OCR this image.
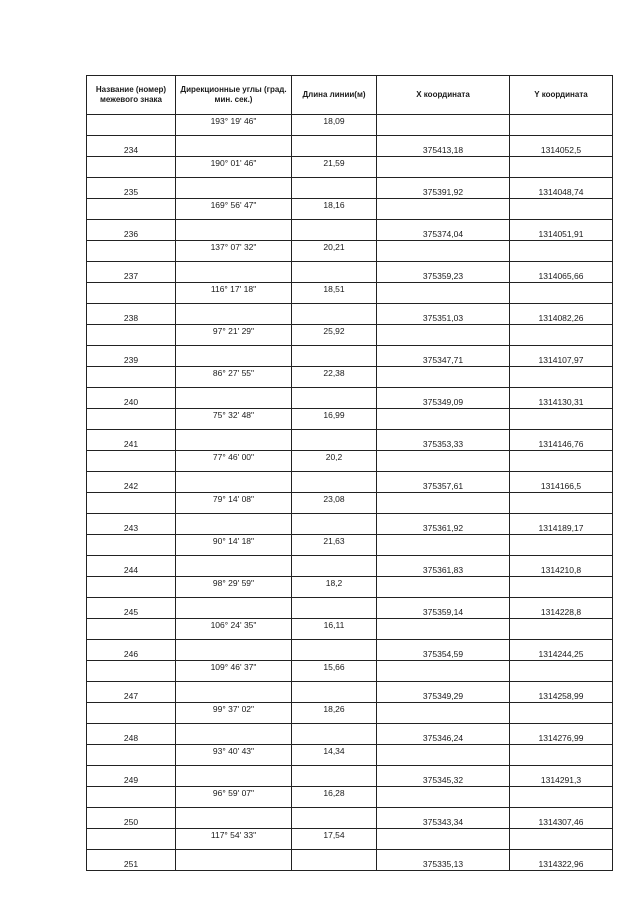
Название (номер) межевого знака	Дирекционные углы (град. мин. сек.)	Длина линии(м)	X координата	Y координата
	193° 19' 46"	18,09		
234			375413,18	1314052,5
	190° 01' 46"	21,59		
235			375391,92	1314048,74
	169° 56' 47"	18,16		
236			375374,04	1314051,91
	137° 07' 32"	20,21		
237			375359,23	1314065,66
	116° 17' 18"	18,51		
238			375351,03	1314082,26
	97° 21' 29"	25,92		
239			375347,71	1314107,97
	86° 27' 55"	22,38		
240			375349,09	1314130,31
	75° 32' 48"	16,99		
241			375353,33	1314146,76
	77° 46' 00"	20,2		
242			375357,61	1314166,5
	79° 14' 08"	23,08		
243			375361,92	1314189,17
	90° 14' 18"	21,63		
244			375361,83	1314210,8
	98° 29' 59"	18,2		
245			375359,14	1314228,8
	106° 24' 35"	16,11		
246			375354,59	1314244,25
	109° 46' 37"	15,66		
247			375349,29	1314258,99
	99° 37' 02"	18,26		
248			375346,24	1314276,99
	93° 40' 43"	14,34		
249			375345,32	1314291,3
	96° 59' 07"	16,28		
250			375343,34	1314307,46
	117° 54' 33"	17,54		
251			375335,13	1314322,96
